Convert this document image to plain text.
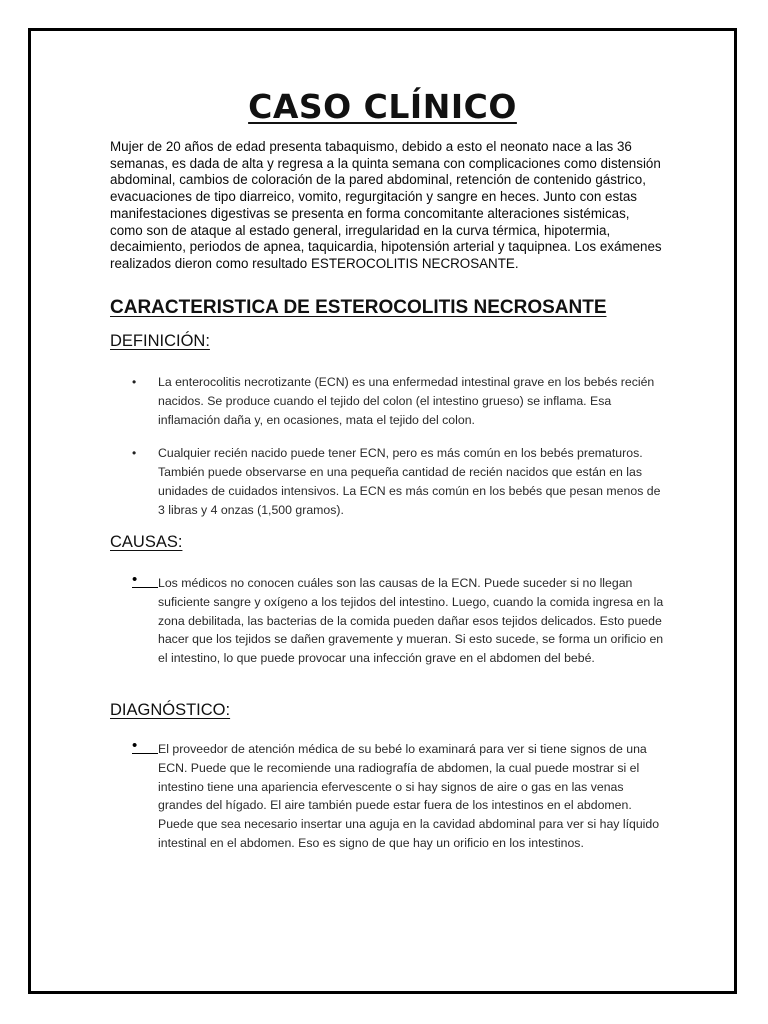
CASO CLÍNICO

Mujer de 20 años de edad presenta tabaquismo, debido a esto el neonato nace a las 36 semanas, es dada de alta y regresa a la quinta semana con complicaciones como distensión abdominal, cambios de coloración de la pared abdominal, retención de contenido gástrico, evacuaciones de tipo diarreico, vomito, regurgitación y sangre en heces. Junto con estas manifestaciones digestivas se presenta en forma concomitante alteraciones sistémicas, como son de ataque al estado general, irregularidad en la curva térmica, hipotermia, decaimiento, periodos de apnea, taquicardia, hipotensión arterial y taquipnea. Los exámenes realizados dieron como resultado ESTEROCOLITIS NECROSANTE.

CARACTERISTICA DE ESTEROCOLITIS NECROSANTE
DEFINICIÓN:
• La enterocolitis necrotizante (ECN) es una enfermedad intestinal grave en los bebés recién nacidos. Se produce cuando el tejido del colon (el intestino grueso) se inflama. Esa inflamación daña y, en ocasiones, mata el tejido del colon.
• Cualquier recién nacido puede tener ECN, pero es más común en los bebés prematuros. También puede observarse en una pequeña cantidad de recién nacidos que están en las unidades de cuidados intensivos. La ECN es más común en los bebés que pesan menos de 3 libras y 4 onzas (1,500 gramos).
CAUSAS:
•	Los médicos no conocen cuáles son las causas de la ECN. Puede suceder si no llegan suficiente sangre y oxígeno a los tejidos del intestino. Luego, cuando la comida ingresa en la zona debilitada, las bacterias de la comida pueden dañar esos tejidos delicados. Esto puede hacer que los tejidos se dañen gravemente y mueran. Si esto sucede, se forma un orificio en el intestino, lo que puede provocar una infección grave en el abdomen del bebé.
DIAGNÓSTICO:
•	El proveedor de atención médica de su bebé lo examinará para ver si tiene signos de una ECN. Puede que le recomiende una radiografía de abdomen, la cual puede mostrar si el intestino tiene una apariencia efervescente o si hay signos de aire o gas en las venas grandes del hígado. El aire también puede estar fuera de los intestinos en el abdomen. Puede que sea necesario insertar una aguja en la cavidad abdominal para ver si hay líquido intestinal en el abdomen. Eso es signo de que hay un orificio en los intestinos.
